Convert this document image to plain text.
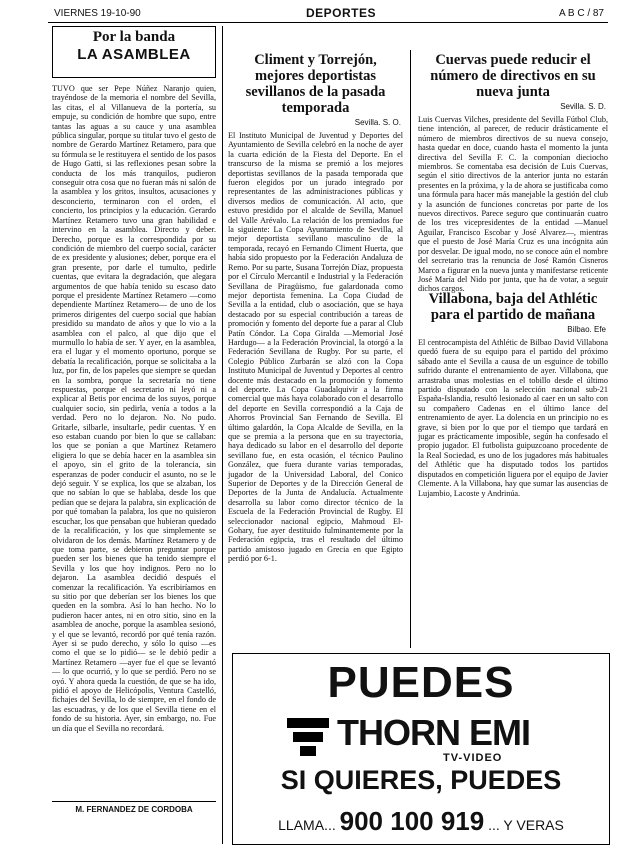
VIERNES 19-10-90	DEPORTES	A B C / 87
Por la banda
LA ASAMBLEA

TUVO que ser Pepe Núñez Naranjo quien, trayéndose de la memoria el nombre del Sevilla, las citas, el al Villanueva de la portería, su empuje, su condición de hombre que supo, entre tantas las aguas a su cauce y una asamblea pública singular, porque su titular tuvo el gesto de nombre de Gerardo Martínez Retamero, para que su fórmula se le restituyera el sentido de los pasos de Hugo Gatti, si las reflexiones pesan sobre la conducta de los más tranquilos, pudieron conseguir otra cosa que no fueran más ni salón de la asamblea y los gritos, insultos, acusaciones y desconcierto, terminaron con el orden, el concierto, los principios y la educación. Gerardo Martínez Retamero tuvo una gran habilidad e intervino en la asamblea. Directo y deber. Derecho, porque es la correspondida por su condición de miembro del cuerpo social, carácter de ex presidente y alusiones; deber, porque era el gran presente, por darle el tumulto, pedirle cuentas, que evitara la degradación, que alegara argumentos de que había tenido su escaso dato porque el presidente Martínez Retamero —como dependiente Martínez Retamero— de uno de los primeros dirigentes del cuerpo social que habían presidido su mandato de años y que lo vio a la asamblea con el palco, al que dijo que el murmullo lo había de ser. Y ayer, en la asamblea, era el lugar y el momento oportuno, porque se debatía la recalificación, porque se solicitaba a la luz, por fin, de los papeles que siempre se quedan en la sombra, porque la secretaría no tiene respuestas, porque el secretario ni leyó ni a explicar al Betis por encima de los suyos, porque cualquier socio, sin pedirla, venía a todos a la verdad. Pero no lo dejaron. No. No pudo. Gritarle, silbarle, insultarle, pedir cuentas. Y en eso estaban cuando por bien lo que se callaban: los que se ponían a que Martínez Retamero eligiera lo que se debía hacer en la asamblea sin el apoyo, sin el grito de la tolerancia, sin esperanzas de poder conducir el asunto, no se le dejó seguir. Y se explica, los que se alzaban, los que no sabían lo que se hablaba, desde los que pedían que se dejara la palabra, sin explicación de por qué tomaban la palabra, los que no quisieron escuchar, los que pensaban que hubieran quedado de la recalificación, y los que simplemente se olvidaron de los demás. Martínez Retamero y de que toma parte, se debieron preguntar porque pueden ser los bienes que ha tenido siempre el Sevilla y los que hoy indignos. Pero no lo dejaron. La asamblea decidió después el comenzar la recalificación. Ya escribiríamos en su sitio por que deberían ser los bienes los que queden en la sombra. Así lo han hecho. No lo pudieron hacer antes, ni en otro sitio, sino en la asamblea de anoche, porque la asamblea sesionó, y el que se levantó, recordó por qué tenía razón. Ayer si se pudo derecho, y sólo lo quiso —es como el que se lo pidió— se le debió pedir a Martínez Retamero —ayer fue el que se levantó— lo que ocurrió, y lo que se perdió. Pero no se oyó. Y ahora queda la cuestión, de que se ha ido, pidió el apoyo de Helicópolis, Ventura Castelló, fichajes del Sevilla, lo de siempre, en el fondo de las escuadras, y de los que el Sevilla tiene en el fondo de su historia. Ayer, sin embargo, no. Fue un día que el Sevilla no recordará.

M. FERNANDEZ DE CORDOBA
Climent y Torrejón, mejores deportistas sevillanos de la pasada temporada
Sevilla. S. O.

El Instituto Municipal de Juventud y Deportes del Ayuntamiento de Sevilla celebró en la noche de ayer la cuarta edición de la Fiesta del Deporte. En el transcurso de la misma se premió a los mejores deportistas sevillanos de la pasada temporada que fueron elegidos por un jurado integrado por representantes de las administraciones públicas y diversos medios de comunicación. Al acto, que estuvo presidido por el alcalde de Sevilla, Manuel del Valle Arévalo. La relación de los premiados fue la siguiente: La Copa Ayuntamiento de Sevilla, al mejor deportista sevillano masculino de la temporada, recayó en Fernando Climent Huerta, que había sido propuesto por la Federación Andaluza de Remo. Por su parte, Susana Torrejón Díaz, propuesta por el Círculo Mercantil e Industrial y la Federación Sevillana de Piragüismo, fue galardonada como mejor deportista femenina. La Copa Ciudad de Sevilla a la entidad, club o asociación, que se haya destacado por su especial contribución a tareas de promoción y fomento del deporte fue a parar al Club Patín Cóndor. La Copa Giralda —Memorial José Hardugo— a la Federación Provincial, la otorgó a la Federación Sevillana de Rugby. Por su parte, el Colegio Público Zurbarán se alzó con la Copa Instituto Municipal de Juventud y Deportes al centro docente más destacado en la promoción y fomento del deporte. La Copa Guadalquivir a la firma comercial que más haya colaborado con el desarrollo del deporte en Sevilla correspondió a la Caja de Ahorros Provincial San Fernando de Sevilla. El último galardón, la Copa Alcalde de Sevilla, en la que se premia a la persona que en su trayectoria, haya dedicado su labor en el desarrollo del deporte sevillano fue, en esta ocasión, el técnico Paulino González, que fuera durante varias temporadas, jugador de la Universidad Laboral, del Conico Superior de Deportes y de la Dirección General de Deportes de la Junta de Andalucía. Actualmente desarrolla su labor como director técnico de la Escuela de la Federación Provincial de Rugby. El seleccionador nacional egipcio, Mahmoud El-Gohary, fue ayer destituido fulminantemente por la Federación egipcia, tras el resultado del último partido amistoso jugado en Grecia en que Egipto perdió por 6-1.

Cuervas puede reducir el número de directivos en su nueva junta
Sevilla. S. D.

Luis Cuervas Vilches, presidente del Sevilla Fútbol Club, tiene intención, al parecer, de reducir drásticamente el número de miembros directivos de su nueva consejo, hasta quedar en doce, cuando hasta el momento la junta directiva del Sevilla F. C. la componían dieciocho miembros. Se comentaba esa decisión de Luis Cuervas, según el sitio directivos de la anterior junta no estarán presentes en la próxima, y la de ahora se justificaba como una fórmula para hacer más manejable la gestión del club y la asunción de funciones concretas por parte de los nuevos directivos. Parece seguro que continuarán cuatro de los tres vicepresidentes de la entidad —Manuel Aguilar, Francisco Escobar y José Alvarez—, mientras que el puesto de José María Cruz es una incógnita aún por desvelar. De igual modo, no se conoce aún el nombre del secretario tras la renuncia de José Ramón Cisneros Marco a figurar en la nueva junta y manifestarse reticente José María del Nido por junta, que ha de votar, a seguir dichos cargos.

Villabona, baja del Athlétic para el partido de mañana
Bilbao. Efe

El centrocampista del Athlétic de Bilbao David Villabona quedó fuera de su equipo para el partido del próximo sábado ante el Sevilla a causa de un esguince de tobillo sufrido durante el entrenamiento de ayer. Villabona, que arrastraba unas molestias en el tobillo desde el último partido disputado con la selección nacional sub-21 España-Islandia, resultó lesionado al caer en un salto con su compañero Cadenas en el último lance del entrenamiento de ayer. La dolencia en un principio no es grave, si bien por lo que por el tiempo que tardará en jugar es prácticamente imposible, según ha confesado el propio jugador. El futbolista guipuzcoano procedente de la Real Sociedad, es uno de los jugadores más habituales del Athlétic que ha disputado todos los partidos disputados en competición liguera por el equipo de Javier Clemente. A la Villabona, hay que sumar las ausencias de Lujambio, Lacoste y Andrinúa.

PUEDES
THORN EMI
TV-VIDEO
SI QUIERES, PUEDES
LLAMA... 900 100 919 ... Y VERAS
